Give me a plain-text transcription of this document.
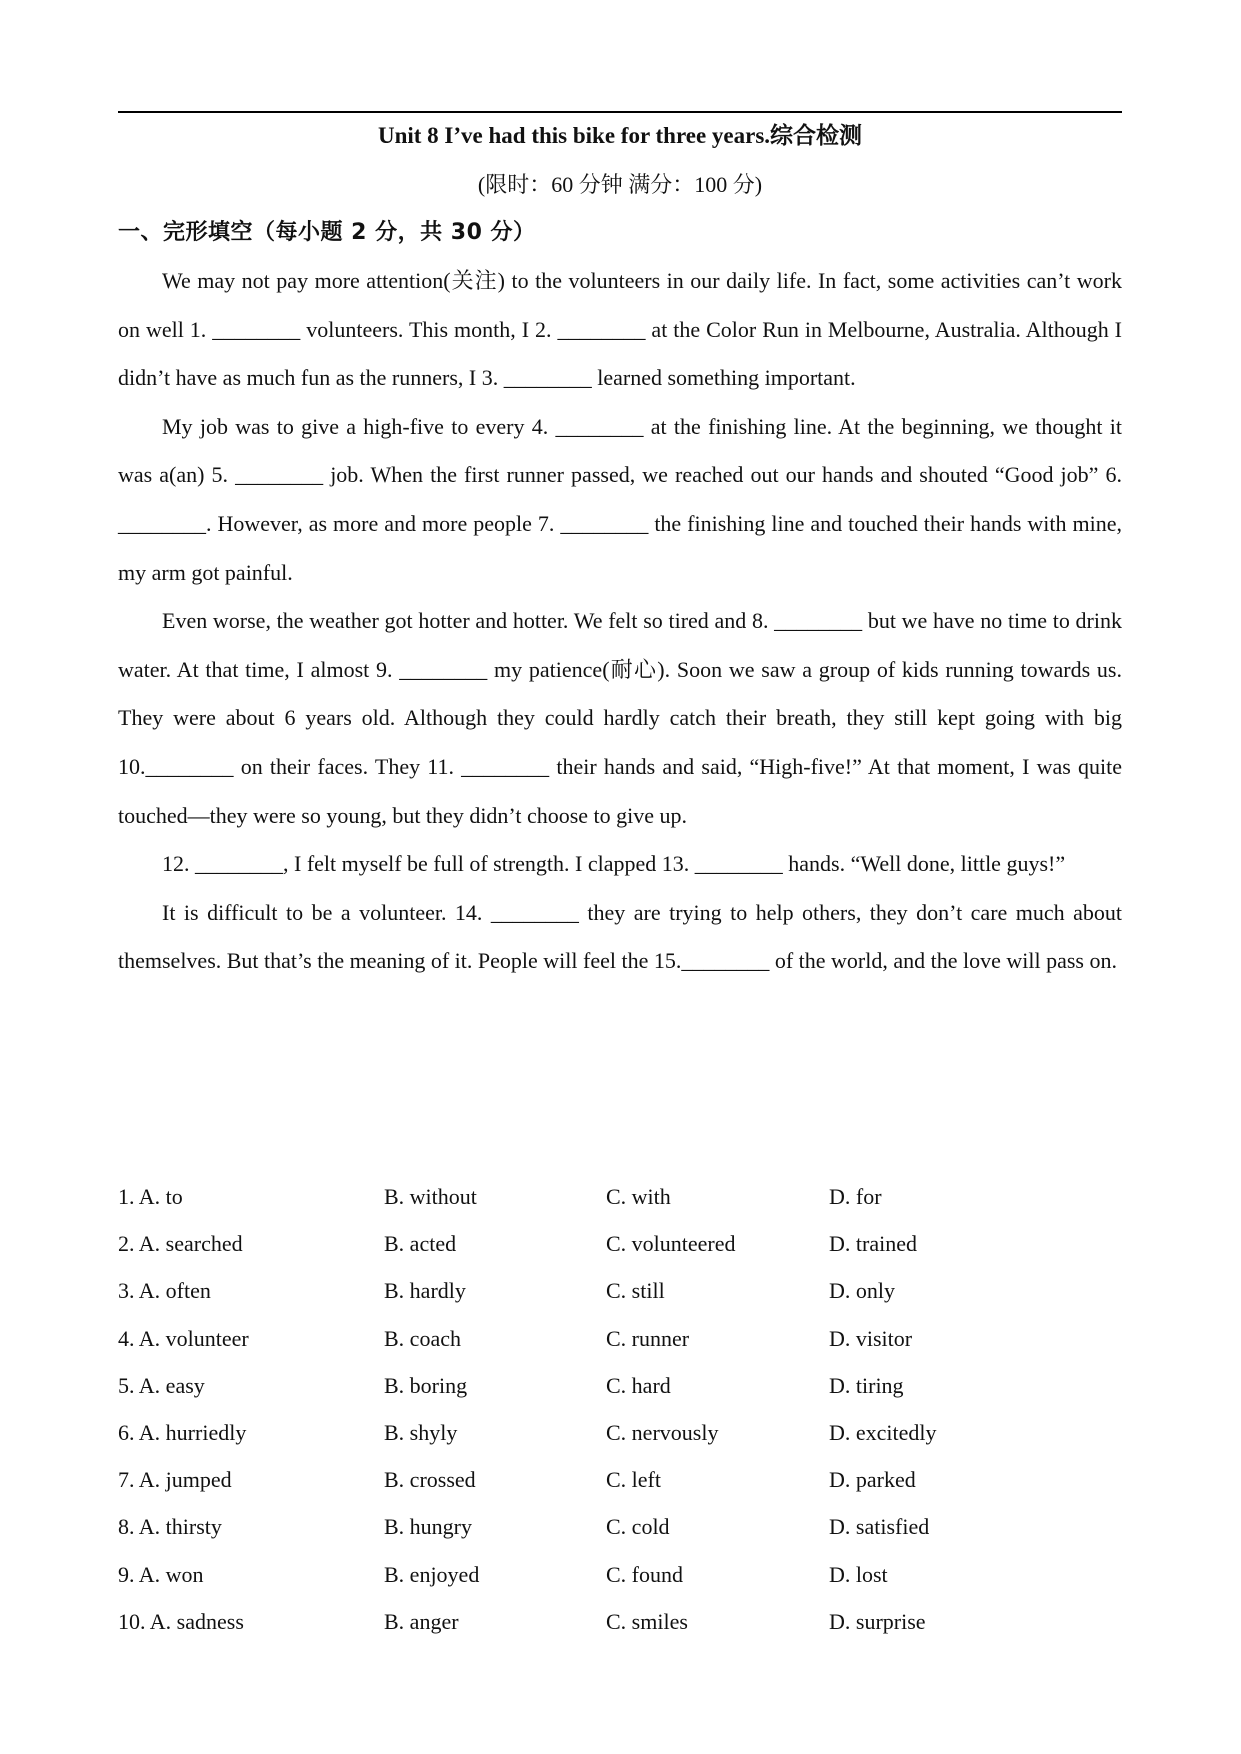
Unit 8 I’ve had this bike for three years.综合检测
(限时：60 分钟 满分：100 分)
一、完形填空（每小题 2 分，共 30 分）

We may not pay more attention(关注) to the volunteers in our daily life. In fact, some activities can’t work on well 1. ________ volunteers. This month, I 2. ________ at the Color Run in Melbourne, Australia. Although I didn’t have as much fun as the runners, I 3. ________ learned something important.

My job was to give a high-five to every 4. ________ at the finishing line. At the beginning, we thought it was a(an) 5. ________ job. When the first runner passed, we reached out our hands and shouted “Good job” 6. ________. However, as more and more people 7. ________ the finishing line and touched their hands with mine, my arm got painful.

Even worse, the weather got hotter and hotter. We felt so tired and 8. ________ but we have no time to drink water. At that time, I almost 9. ________ my patience(耐心). Soon we saw a group of kids running towards us. They were about 6 years old. Although they could hardly catch their breath, they still kept going with big 10.________ on their faces. They 11. ________ their hands and said, “High-five!” At that moment, I was quite touched—they were so young, but they didn’t choose to give up.

12. ________, I felt myself be full of strength. I clapped 13. ________ hands. “Well done, little guys!”

It is difficult to be a volunteer. 14. ________ they are trying to help others, they don’t care much about themselves. But that’s the meaning of it. People will feel the 15.________ of the world, and the love will pass on.

1. A. to	B. without	C. with	D. for
2. A. searched	B. acted	C. volunteered	D. trained
3. A. often	B. hardly	C. still	D. only
4. A. volunteer	B. coach	C. runner	D. visitor
5. A. easy	B. boring	C. hard	D. tiring
6. A. hurriedly	B. shyly	C. nervously	D. excitedly
7. A. jumped	B. crossed	C. left	D. parked
8. A. thirsty	B. hungry	C. cold	D. satisfied
9. A. won	B. enjoyed	C. found	D. lost
10. A. sadness	B. anger	C. smiles	D. surprise
